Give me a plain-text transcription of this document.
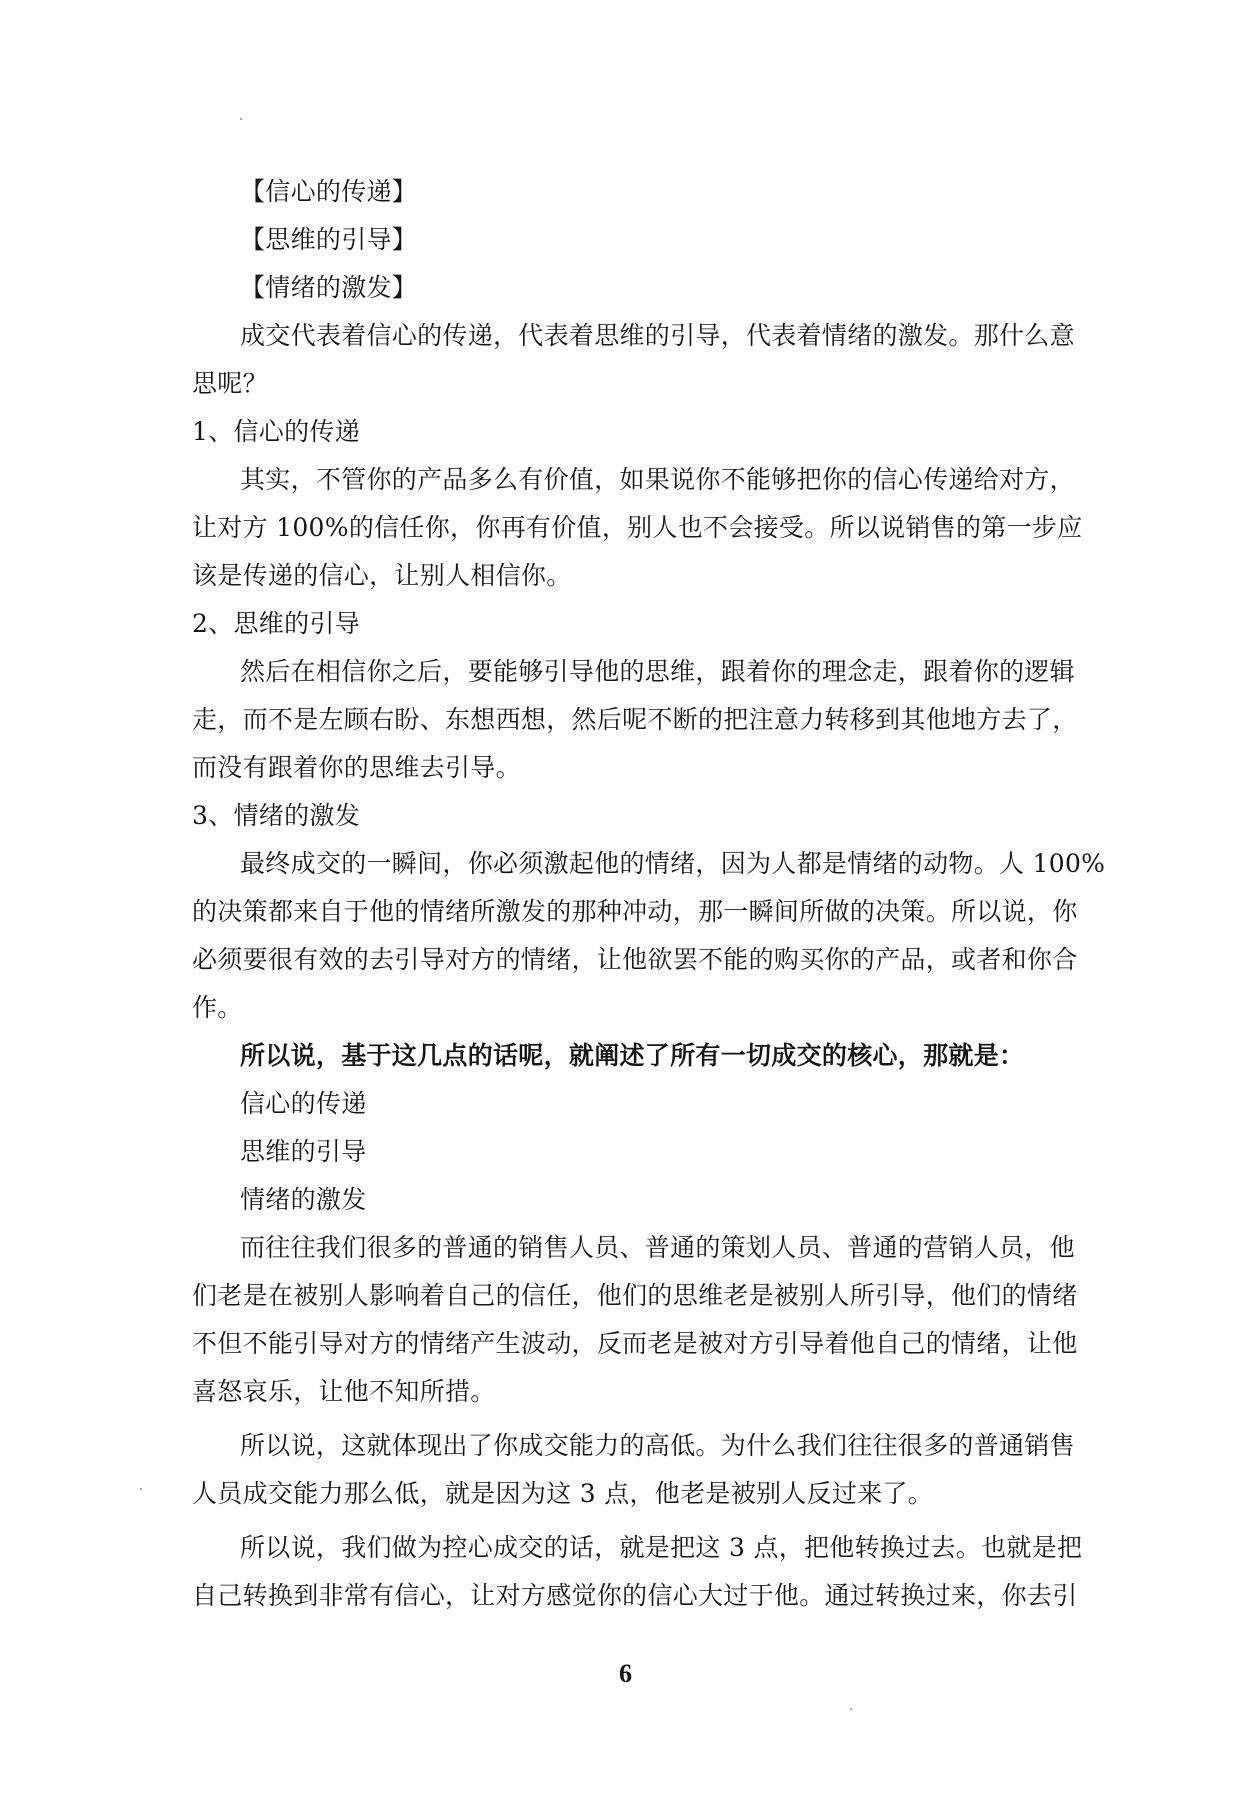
【信心的传递】
【思维的引导】
【情绪的激发】
成交代表着信心的传递，代表着思维的引导，代表着情绪的激发。那什么意
思呢？
1、信心的传递
其实，不管你的产品多么有价值，如果说你不能够把你的信心传递给对方，
让对方 100%的信任你，你再有价值，别人也不会接受。所以说销售的第一步应
该是传递的信心，让别人相信你。
2、思维的引导
然后在相信你之后，要能够引导他的思维，跟着你的理念走，跟着你的逻辑
走，而不是左顾右盼、东想西想，然后呢不断的把注意力转移到其他地方去了，
而没有跟着你的思维去引导。
3、情绪的激发
最终成交的一瞬间，你必须激起他的情绪，因为人都是情绪的动物。人 100%
的决策都来自于他的情绪所激发的那种冲动，那一瞬间所做的决策。所以说，你
必须要很有效的去引导对方的情绪，让他欲罢不能的购买你的产品，或者和你合
作。
所以说，基于这几点的话呢，就阐述了所有一切成交的核心，那就是：
信心的传递
思维的引导
情绪的激发
而往往我们很多的普通的销售人员、普通的策划人员、普通的营销人员，他
们老是在被别人影响着自己的信任，他们的思维老是被别人所引导，他们的情绪
不但不能引导对方的情绪产生波动，反而老是被对方引导着他自己的情绪，让他
喜怒哀乐，让他不知所措。
所以说，这就体现出了你成交能力的高低。为什么我们往往很多的普通销售
人员成交能力那么低，就是因为这 3 点，他老是被别人反过来了。
所以说，我们做为控心成交的话，就是把这 3 点，把他转换过去。也就是把
自己转换到非常有信心，让对方感觉你的信心大过于他。通过转换过来，你去引
6
